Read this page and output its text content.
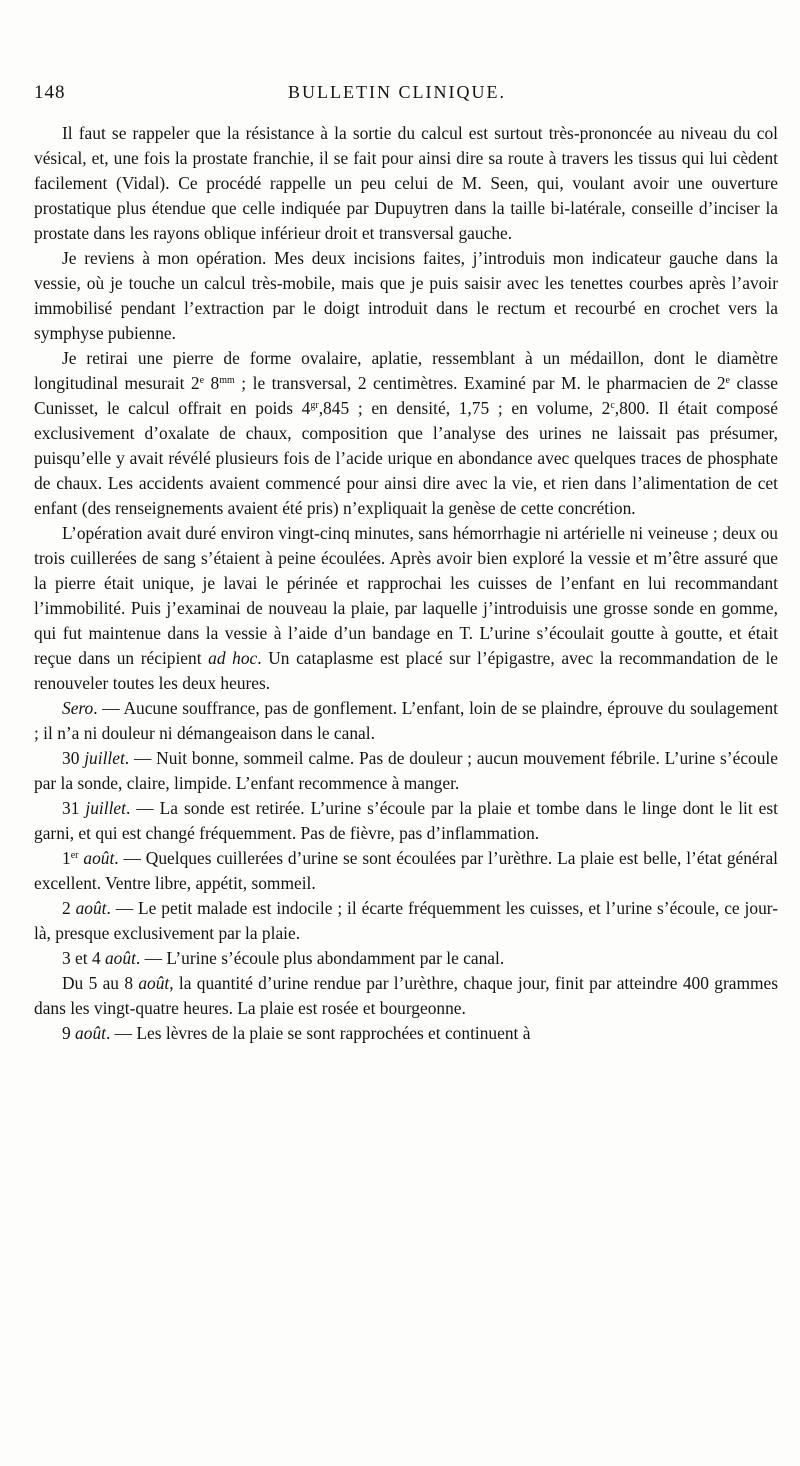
148	BULLETIN CLINIQUE.

Il faut se rappeler que la résistance à la sortie du calcul est surtout très-prononcée au niveau du col vésical, et, une fois la prostate franchie, il se fait pour ainsi dire sa route à travers les tissus qui lui cèdent facilement (Vidal). Ce procédé rappelle un peu celui de M. Seen, qui, voulant avoir une ouverture prostatique plus étendue que celle indiquée par Dupuytren dans la taille bi-latérale, conseille d’inciser la prostate dans les rayons oblique inférieur droit et transversal gauche.

Je reviens à mon opération. Mes deux incisions faites, j’introduis mon indicateur gauche dans la vessie, où je touche un calcul très-mobile, mais que je puis saisir avec les tenettes courbes après l’avoir immobilisé pendant l’extraction par le doigt introduit dans le rectum et recourbé en crochet vers la symphyse pubienne.

Je retirai une pierre de forme ovalaire, aplatie, ressemblant à un médaillon, dont le diamètre longitudinal mesurait 2e $8^{mm}$ ; le transversal, 2 centimètres. Examiné par M. le pharmacien de 2e classe Cunisset, le calcul offrait en poids $4^{gr},845$ ; en densité, 1,75 ; en volume, 2$^c$,800. Il était composé exclusivement d’oxalate de chaux, composition que l’analyse des urines ne laissait pas présumer, puisqu’elle y avait révélé plusieurs fois de l’acide urique en abondance avec quelques traces de phosphate de chaux. Les accidents avaient commencé pour ainsi dire avec la vie, et rien dans l’alimentation de cet enfant (des renseignements avaient été pris) n’expliquait la genèse de cette concrétion.

L’opération avait duré environ vingt-cinq minutes, sans hémorrhagie ni artérielle ni veineuse ; deux ou trois cuillerées de sang s’étaient à peine écoulées. Après avoir bien exploré la vessie et m’être assuré que la pierre était unique, je lavai le périnée et rapprochai les cuisses de l’enfant en lui recommandant l’immobilité. Puis j’examinai de nouveau la plaie, par laquelle j’introduisis une grosse sonde en gomme, qui fut maintenue dans la vessie à l’aide d’un bandage en T. L’urine s’écoulait goutte à goutte, et était reçue dans un récipient ad hoc. Un cataplasme est placé sur l’épigastre, avec la recommandation de le renouveler toutes les deux heures.

Sero. — Aucune souffrance, pas de gonflement. L’enfant, loin de se plaindre, éprouve du soulagement ; il n’a ni douleur ni démangeaison dans le canal.

30 juillet. — Nuit bonne, sommeil calme. Pas de douleur ; aucun mouvement fébrile. L’urine s’écoule par la sonde, claire, limpide. L’enfant recommence à manger.

31 juillet. — La sonde est retirée. L’urine s’écoule par la plaie et tombe dans le linge dont le lit est garni, et qui est changé fréquemment. Pas de fièvre, pas d’inflammation.

1er août. — Quelques cuillerées d’urine se sont écoulées par l’urèthre. La plaie est belle, l’état général excellent. Ventre libre, appétit, sommeil.

2 août. — Le petit malade est indocile ; il écarte fréquemment les cuisses, et l’urine s’écoule, ce jour-là, presque exclusivement par la plaie.

3 et 4 août. — L’urine s’écoule plus abondamment par le canal.

Du 5 au 8 août, la quantité d’urine rendue par l’urèthre, chaque jour, finit par atteindre 400 grammes dans les vingt-quatre heures. La plaie est rosée et bourgeonne.

9 août. — Les lèvres de la plaie se sont rapprochées et continuent à
